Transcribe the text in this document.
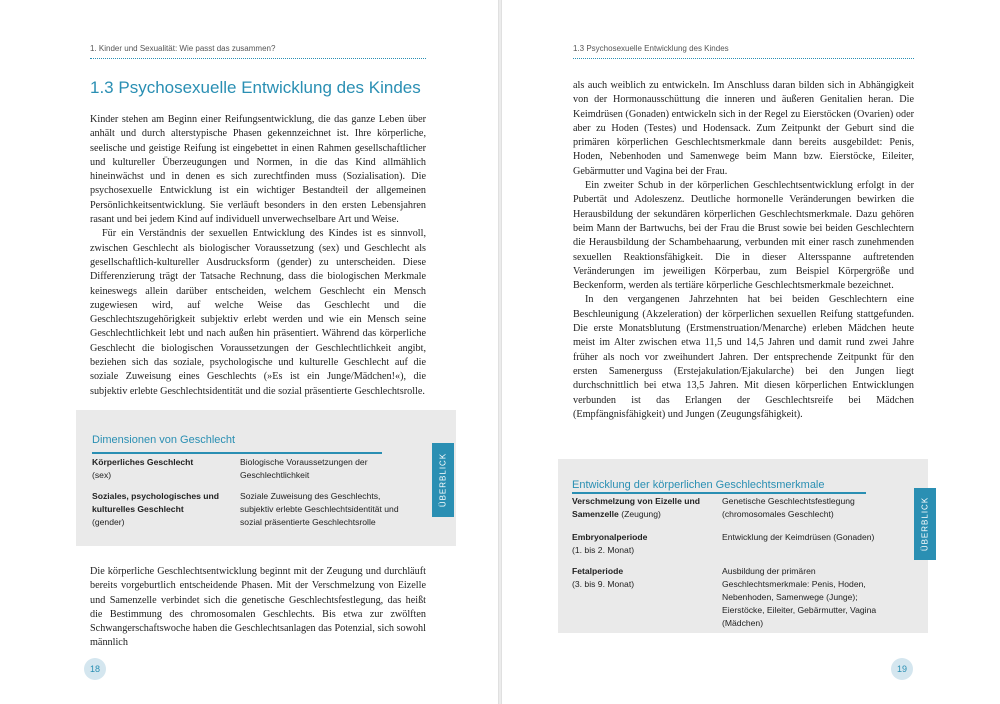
1. Kinder und Sexualität: Wie passt das zusammen?
1.3 Psychosexuelle Entwicklung des Kindes

Kinder stehen am Beginn einer Reifungsentwicklung, die das ganze Leben über anhält und durch alterstypische Phasen gekennzeichnet ist. Ihre körperliche, seelische und geistige Reifung ist eingebettet in einen Rahmen gesellschaftlicher und kultureller Überzeugungen und Normen, in die das Kind allmählich hineinwächst und in denen es sich zurechtfinden muss (Sozialisation). Die psychosexuelle Entwicklung ist ein wichtiger Bestandteil der allgemeinen Persönlichkeitsentwicklung. Sie verläuft besonders in den ersten Lebensjahren rasant und bei jedem Kind auf individuell unverwechselbare Art und Weise.

Für ein Verständnis der sexuellen Entwicklung des Kindes ist es sinnvoll, zwischen Geschlecht als biologischer Voraussetzung (sex) und Geschlecht als gesellschaftlich-kultureller Ausdrucksform (gender) zu unterscheiden. Diese Differenzierung trägt der Tatsache Rechnung, dass die biologischen Merkmale keineswegs allein darüber entscheiden, welchem Geschlecht ein Mensch zugewiesen wird, auf welche Weise das Geschlecht und die Geschlechtszugehörigkeit subjektiv erlebt werden und wie ein Mensch seine Geschlechtlichkeit lebt und nach außen hin präsentiert. Während das körperliche Geschlecht die biologischen Voraussetzungen der Geschlechtlichkeit angibt, beziehen sich das soziale, psychologische und kulturelle Geschlecht auf die soziale Zuweisung eines Geschlechts (»Es ist ein Junge/Mädchen!«), die subjektiv erlebte Geschlechtsidentität und die sozial präsentierte Geschlechtsrolle.

Dimensionen von Geschlecht
Körperliches Geschlecht
(sex)
Biologische Voraussetzungen der Geschlechtlichkeit
Soziales, psychologisches und kulturelles Geschlecht
(gender)
Soziale Zuweisung des Geschlechts, subjektiv erlebte Geschlechtsidentität und sozial präsentierte Geschlechtsrolle
ÜBERBLICK

Die körperliche Geschlechtsentwicklung beginnt mit der Zeugung und durchläuft bereits vorgeburtlich entscheidende Phasen. Mit der Verschmelzung von Eizelle und Samenzelle verbindet sich die genetische Geschlechtsfestlegung, das heißt die Bestimmung des chromosomalen Geschlechts. Bis etwa zur zwölften Schwangerschaftswoche haben die Geschlechtsanlagen das Potenzial, sich sowohl männlich

18
1.3 Psychosexuelle Entwicklung des Kindes

als auch weiblich zu entwickeln. Im Anschluss daran bilden sich in Abhängigkeit von der Hormonausschüttung die inneren und äußeren Genitalien heran. Die Keimdrüsen (Gonaden) entwickeln sich in der Regel zu Eierstöcken (Ovarien) oder aber zu Hoden (Testes) und Hodensack. Zum Zeitpunkt der Geburt sind die primären körperlichen Geschlechtsmerkmale dann bereits ausgebildet: Penis, Hoden, Nebenhoden und Samenwege beim Mann bzw. Eierstöcke, Eileiter, Gebärmutter und Vagina bei der Frau.

Ein zweiter Schub in der körperlichen Geschlechtsentwicklung erfolgt in der Pubertät und Adoleszenz. Deutliche hormonelle Veränderungen bewirken die Herausbildung der sekundären körperlichen Geschlechtsmerkmale. Dazu gehören beim Mann der Bartwuchs, bei der Frau die Brust sowie bei beiden Geschlechtern die Herausbildung der Schambehaarung, verbunden mit einer rasch zunehmenden sexuellen Reaktionsfähigkeit. Die in dieser Altersspanne auftretenden Veränderungen im jeweiligen Körperbau, zum Beispiel Körpergröße und Beckenform, werden als tertiäre körperliche Geschlechtsmerkmale bezeichnet.

In den vergangenen Jahrzehnten hat bei beiden Geschlechtern eine Beschleunigung (Akzeleration) der körperlichen sexuellen Reifung stattgefunden. Die erste Monatsblutung (Erstmenstruation/Menarche) erleben Mädchen heute meist im Alter zwischen etwa 11,5 und 14,5 Jahren und damit rund zwei Jahre früher als noch vor zweihundert Jahren. Der entsprechende Zeitpunkt für den ersten Samenerguss (Erstejakulation/Ejakularche) bei den Jungen liegt durchschnittlich bei etwa 13,5 Jahren. Mit diesen körperlichen Entwicklungen verbunden ist das Erlangen der Geschlechtsreife bei Mädchen (Empfängnisfähigkeit) und Jungen (Zeugungsfähigkeit).

Entwicklung der körperlichen Geschlechtsmerkmale
Verschmelzung von Eizelle und Samenzelle (Zeugung)
Genetische Geschlechtsfestlegung (chromosomales Geschlecht)
Embryonalperiode
(1. bis 2. Monat)
Entwicklung der Keimdrüsen (Gonaden)
Fetalperiode
(3. bis 9. Monat)
Ausbildung der primären Geschlechtsmerkmale: Penis, Hoden, Nebenhoden, Samenwege (Junge); Eierstöcke, Eileiter, Gebärmutter, Vagina (Mädchen)
ÜBERBLICK
19
